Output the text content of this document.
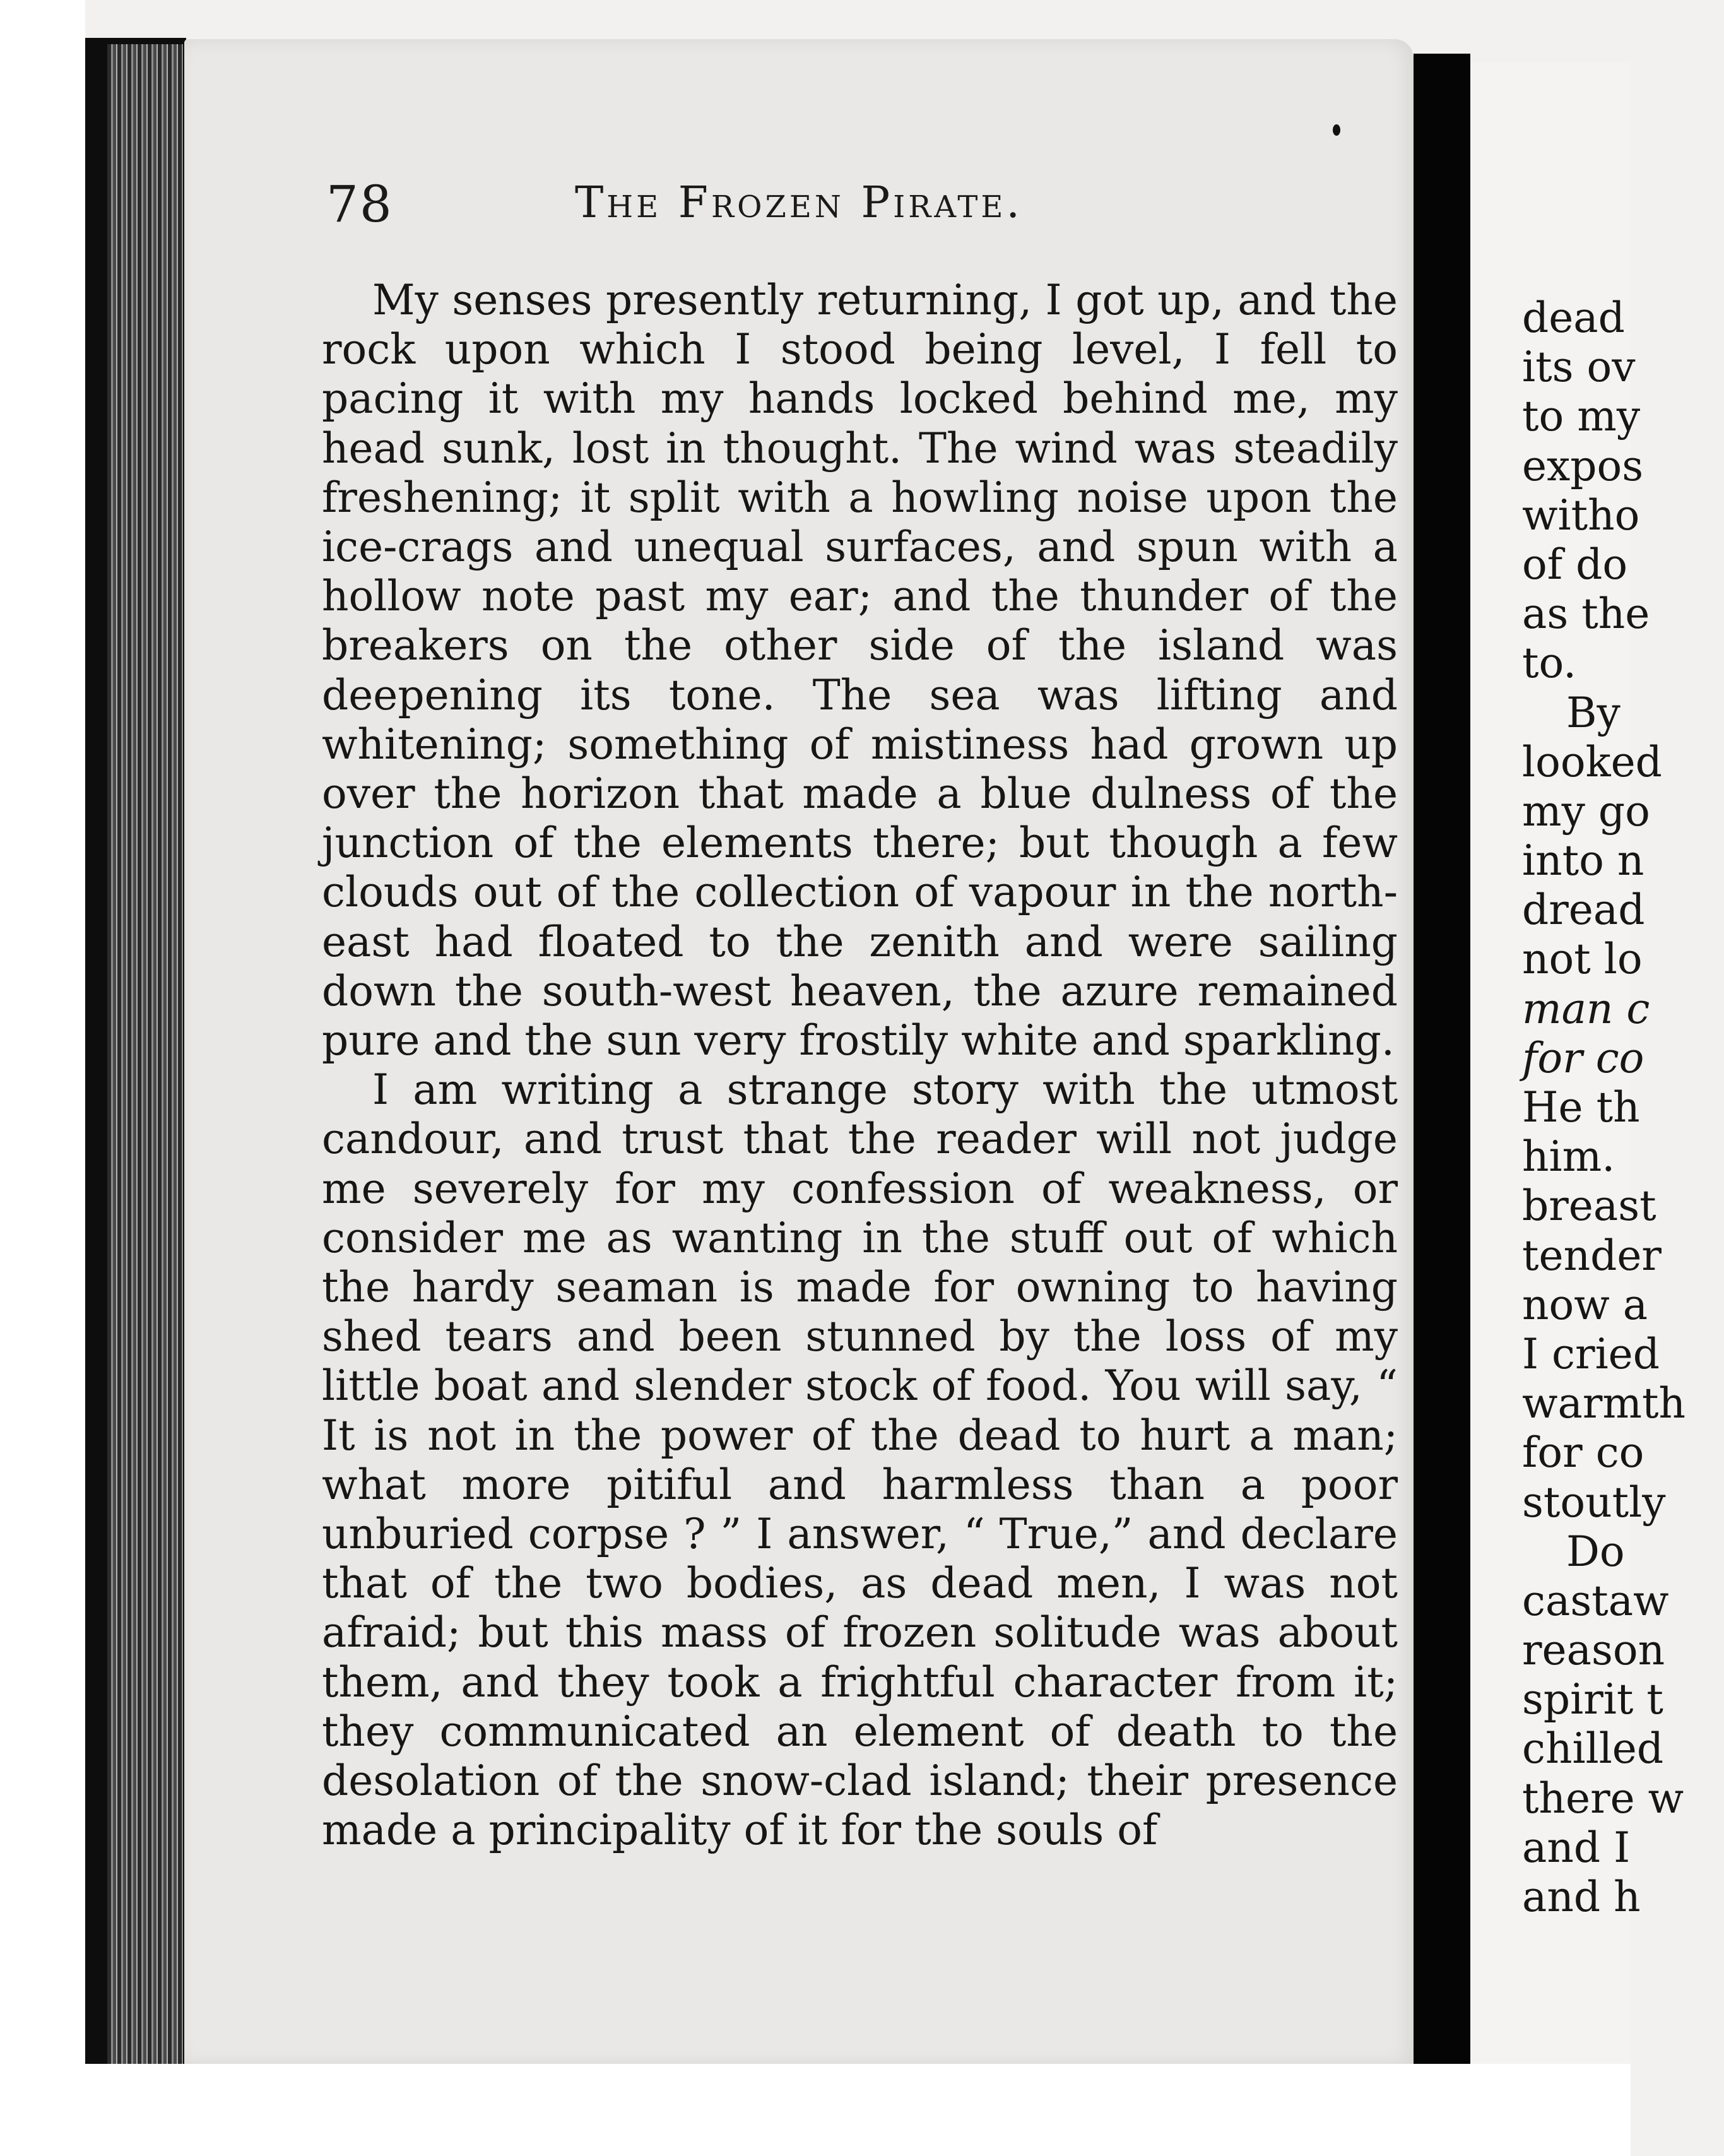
78	The Frozen Pirate.

My senses presently returning, I got up, and the rock upon which I stood being level, I fell to pacing it with my hands locked behind me, my head sunk, lost in thought. The wind was steadily freshening; it split with a howling noise upon the ice-crags and unequal surfaces, and spun with a hollow note past my ear; and the thunder of the breakers on the other side of the island was deepening its tone. The sea was lifting and whitening; something of mistiness had grown up over the horizon that made a blue dulness of the junction of the elements there; but though a few clouds out of the collection of vapour in the north-east had floated to the zenith and were sailing down the south-west heaven, the azure remained pure and the sun very frostily white and sparkling.

I am writing a strange story with the utmost candour, and trust that the reader will not judge me severely for my confession of weakness, or consider me as wanting in the stuff out of which the hardy seaman is made for owning to having shed tears and been stunned by the loss of my little boat and slender stock of food. You will say, “ It is not in the power of the dead to hurt a man; what more pitiful and harmless than a poor unburied corpse ? ” I answer, “ True,” and declare that of the two bodies, as dead men, I was not afraid; but this mass of frozen solitude was about them, and they took a frightful character from it; they communicated an element of death to the desolation of the snow-clad island; their presence made a principality of it for the souls of

dead
its ov
to my
expos
witho
of do
as the
to.
By
looked
my go
into n
dread
not lo
man c
for co
He th
him.
breast
tender
now a
I cried
warmth
for co
stoutly
Do
castaw
reason
spirit t
chilled
there w
and I
and h
